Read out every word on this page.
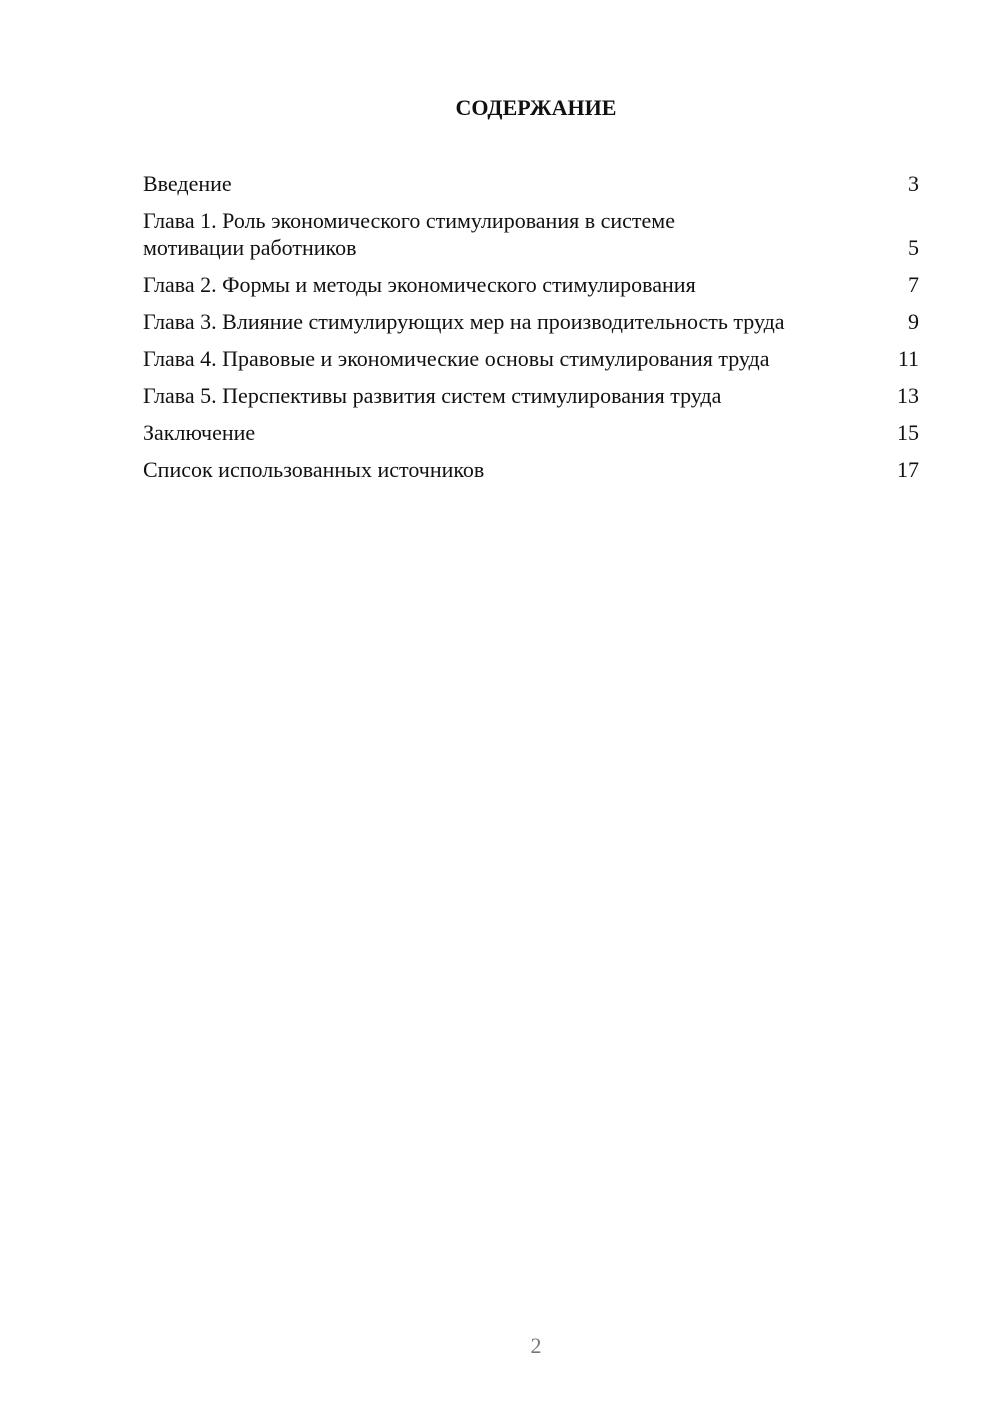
СОДЕРЖАНИЕ
Введение	3
Глава 1. Роль экономического стимулирования в системе мотивации работников	5
Глава 2. Формы и методы экономического стимулирования	7
Глава 3. Влияние стимулирующих мер на производительность труда	9
Глава 4. Правовые и экономические основы стимулирования труда	11
Глава 5. Перспективы развития систем стимулирования труда	13
Заключение	15
Список использованных источников	17
2
